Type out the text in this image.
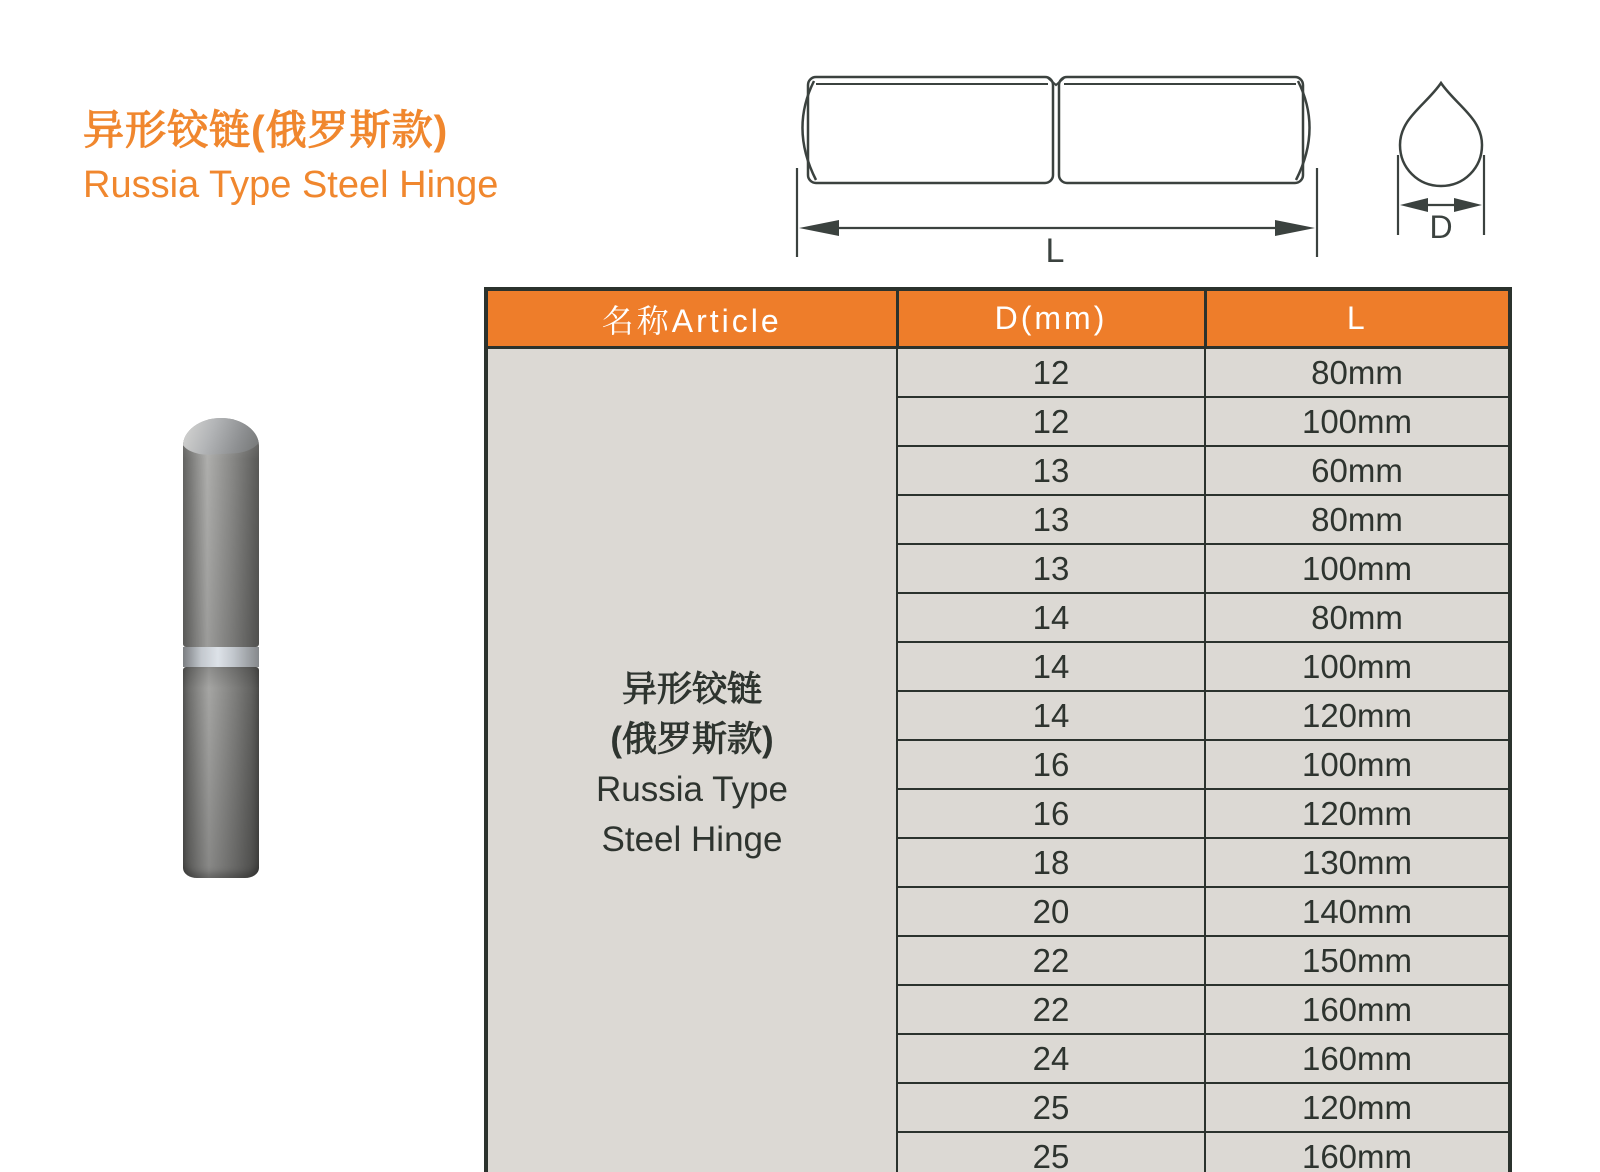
异形铰链(俄罗斯款)
Russia Type Steel Hinge
L
D
名称Article	D(mm)	L

异形铰链
(俄罗斯款)
Russia Type
Steel Hinge	12	80mm
	12	100mm
	13	60mm
	13	80mm
	13	100mm
	14	80mm
	14	100mm
	14	120mm
	16	100mm
	16	120mm
	18	130mm
	20	140mm
	22	150mm
	22	160mm
	24	160mm
	25	120mm
	25	160mm
